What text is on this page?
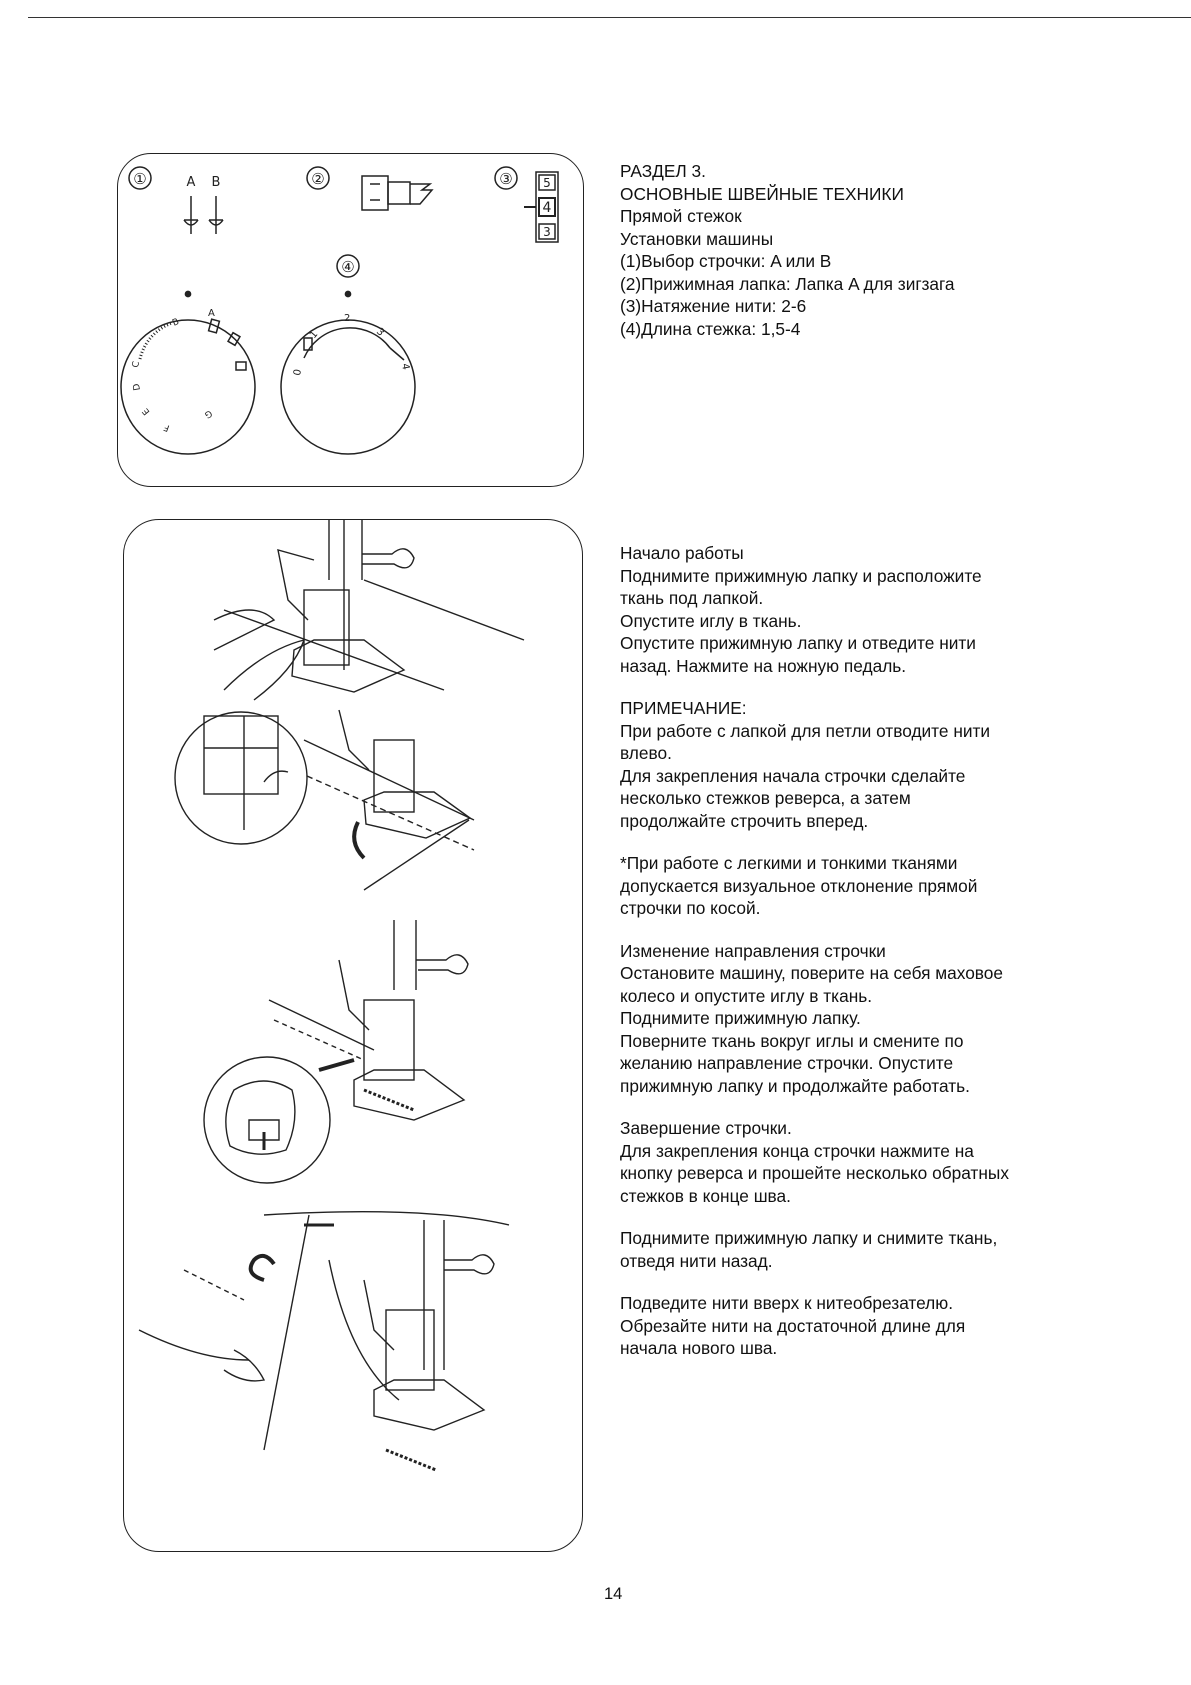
①	A B	②	③	5
4
3
④
A
B
C
D
E
F
G
0
1
2
3
4

РАЗДЕЛ 3.

ОСНОВНЫЕ ШВЕЙНЫЕ ТЕХНИКИ

Прямой стежок

Установки машины

(1)Выбор строчки: A или B

(2)Прижимная лапка: Лапка A для зигзага

(3)Натяжение нити: 2-6

(4)Длина стежка: 1,5-4

Начало работы

Поднимите прижимную лапку и расположите

ткань под лапкой.

Опустите иглу в ткань.

Опустите прижимную лапку и отведите нити

назад. Нажмите на ножную педаль.

ПРИМЕЧАНИЕ:

При работе с лапкой для петли отводите нити

влево.

Для закрепления начала строчки сделайте

несколько стежков реверса, а затем

продолжайте строчить вперед.

*При работе с легкими и тонкими тканями

допускается визуальное отклонение прямой

строчки по косой.

Изменение направления строчки

Остановите машину, поверите на себя маховое

колесо и опустите иглу в ткань.

Поднимите прижимную лапку.

Поверните ткань вокруг иглы и смените по

желанию направление строчки. Опустите

прижимную лапку и продолжайте работать.

Завершение строчки.

Для закрепления конца строчки нажмите на

кнопку реверса и прошейте несколько обратных

стежков в конце шва.

Поднимите прижимную лапку и снимите ткань,

отведя нити назад.

Подведите нити вверх к нитеобрезателю.

Обрезайте нити на достаточной длине для

начала нового шва.

14
